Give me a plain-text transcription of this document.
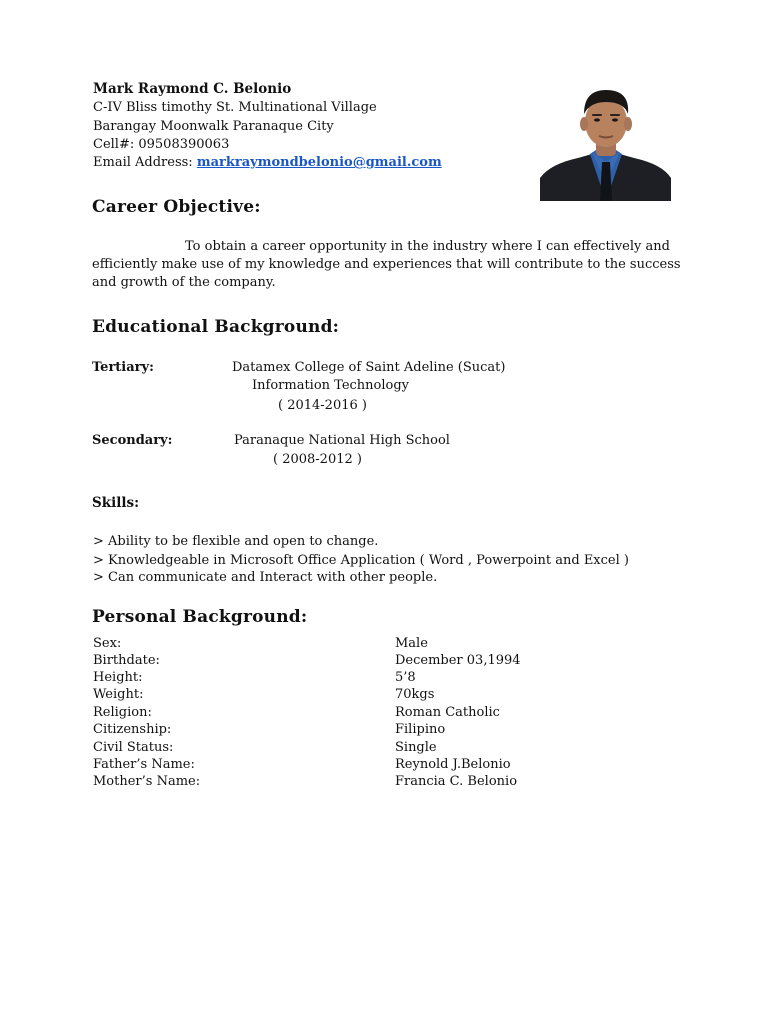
Mark Raymond C. Belonio
C-IV Bliss timothy St. Multinational Village
Barangay Moonwalk Paranaque City
Cell#: 09508390063
Email Address: markraymondbelonio@gmail.com
Career Objective:
To obtain a career opportunity in the industry where I can effectively and efficiently make use of my knowledge and experiences that will contribute to the success and growth of the company.
Educational Background:
Tertiary:	Datamex College of Saint Adeline (Sucat)
Information Technology
( 2014-2016 )
Secondary:	Paranaque National High School
( 2008-2012 )
Skills:
> Ability to be flexible and open to change.
> Knowledgeable in Microsoft Office Application ( Word , Powerpoint and Excel )
> Can communicate and Interact with other people.
Personal Background:
Sex:	Male
Birthdate:	December 03,1994
Height:	5’8
Weight:	70kgs
Religion:	Roman Catholic
Citizenship:	Filipino
Civil Status:	Single
Father’s Name:	Reynold J.Belonio
Mother’s Name:	Francia C. Belonio
